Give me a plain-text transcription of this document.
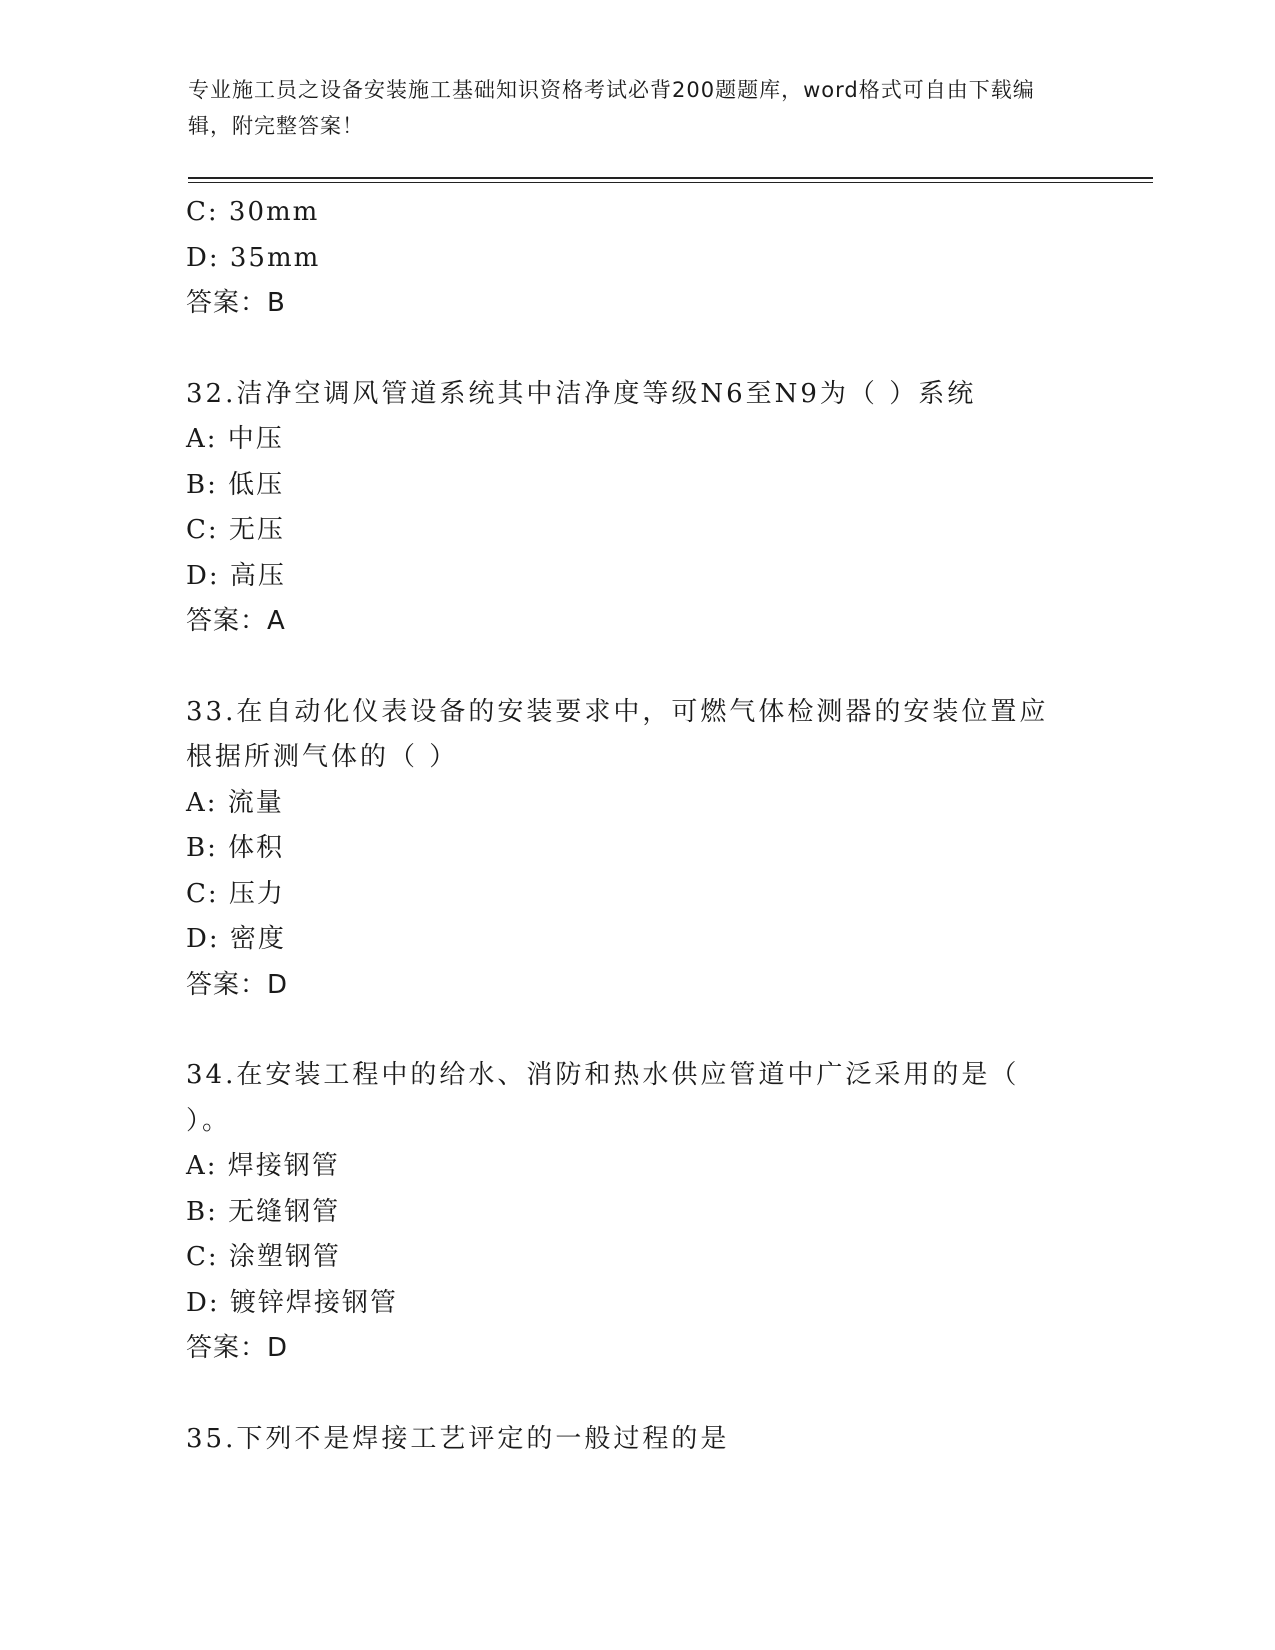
专业施工员之设备安装施工基础知识资格考试必背200题题库，word格式可自由下载编辑，附完整答案！
C: 30mm
D: 35mm
答案：B
32.洁净空调风管道系统其中洁净度等级N6至N9为（ ）系统
A: 中压
B: 低压
C: 无压
D: 高压
答案：A
33.在自动化仪表设备的安装要求中，可燃气体检测器的安装位置应根据所测气体的（ ）
A: 流量
B: 体积
C: 压力
D: 密度
答案：D
34.在安装工程中的给水、消防和热水供应管道中广泛采用的是（ ）。
A: 焊接钢管
B: 无缝钢管
C: 涂塑钢管
D: 镀锌焊接钢管
答案：D
35.下列不是焊接工艺评定的一般过程的是
